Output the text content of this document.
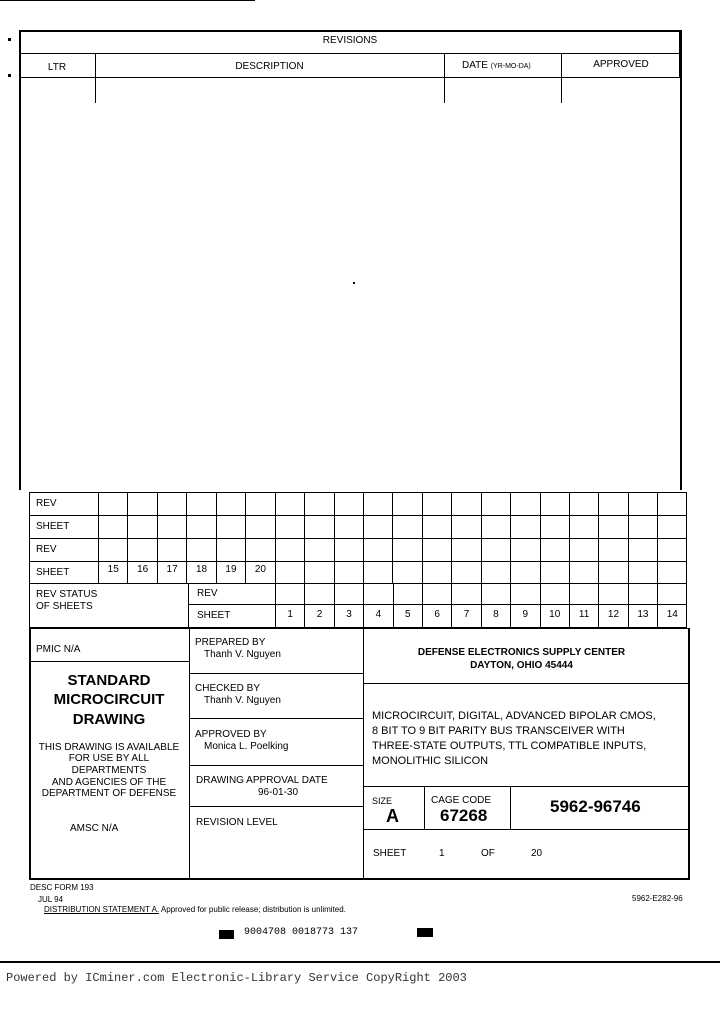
REVISIONS
LTR	DESCRIPTION	DATE (YR-MO-DA)	APPROVED
REV
SHEET
REV
SHEET	15	16	17	18	19	20
REV STATUS
OF SHEETS
REV
SHEET	1	2	3	4	5	6	7	8	9	10	11	12	13	14
PMIC N/A
STANDARD
MICROCIRCUIT
DRAWING
THIS DRAWING IS AVAILABLE
FOR USE BY ALL
DEPARTMENTS
AND AGENCIES OF THE
DEPARTMENT OF DEFENSE
AMSC N/A
PREPARED BY
Thanh V. Nguyen
CHECKED BY
Thanh V. Nguyen
APPROVED BY
Monica L. Poelking
DRAWING APPROVAL DATE
96-01-30
REVISION LEVEL
DEFENSE ELECTRONICS SUPPLY CENTER
DAYTON, OHIO 45444
MICROCIRCUIT, DIGITAL, ADVANCED BIPOLAR CMOS,
8 BIT TO 9 BIT PARITY BUS TRANSCEIVER WITH
THREE-STATE OUTPUTS, TTL COMPATIBLE INPUTS,
MONOLITHIC SILICON
SIZE
A
CAGE CODE
67268	5962-96746
SHEET	1	OF	20
DESC FORM 193
JUL 94
DISTRIBUTION STATEMENT A. Approved for public release; distribution is unlimited.
5962-E282-96
9004708 0018773 137
Powered by ICminer.com Electronic-Library Service CopyRight 2003
